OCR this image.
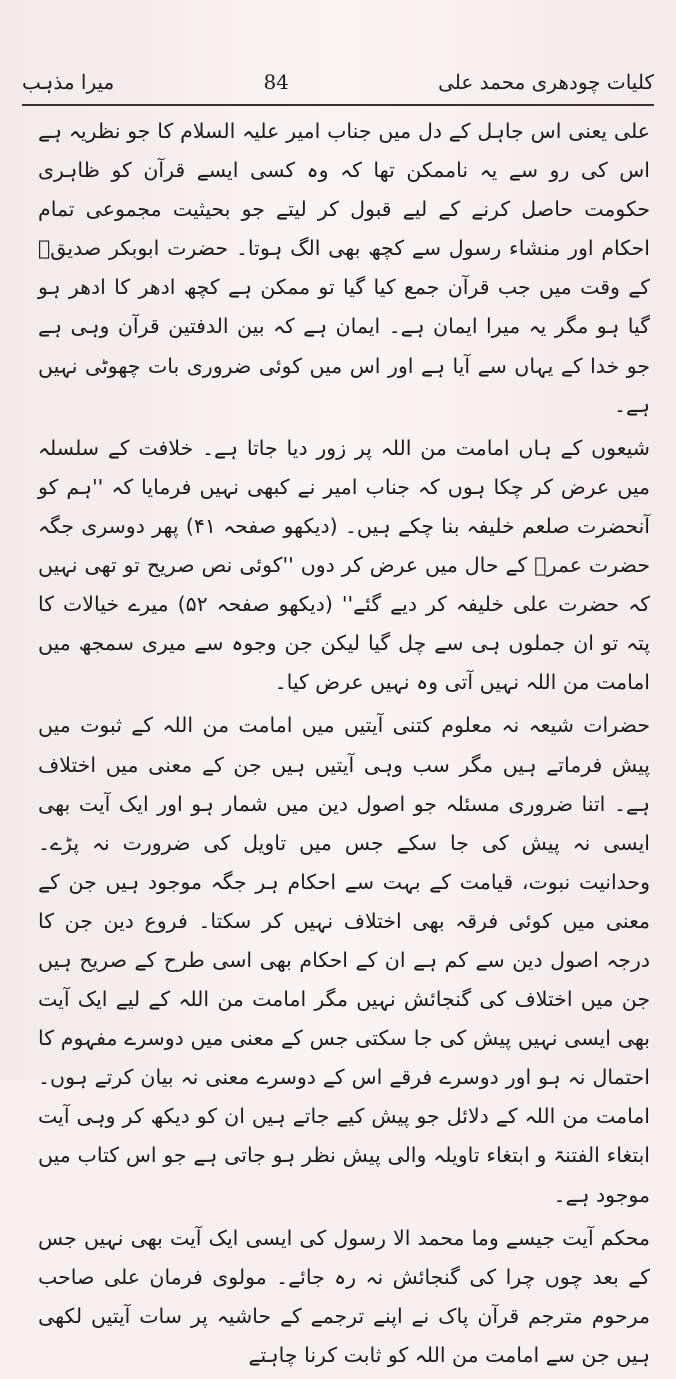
میرا مذہب	84	کلیات چودھری محمد علی

علی یعنی اس جاہل کے دل میں جناب امیر علیہ السلام کا جو نظریہ ہے اس کی رو سے یہ ناممکن تھا کہ وہ کسی ایسے قرآن کو ظاہری حکومت حاصل کرنے کے لیے قبول کر لیتے جو بحیثیت مجموعی تمام احکام اور منشاء رسول سے کچھ بھی الگ ہوتا۔ حضرت ابوبکر صدیقؓ کے وقت میں جب قرآن جمع کیا گیا تو ممکن ہے کچھ ادھر کا ادھر ہو گیا ہو مگر یہ میرا ایمان ہے۔ ایمان ہے کہ بین الدفتین قرآن وہی ہے جو خدا کے یہاں سے آیا ہے اور اس میں کوئی ضروری بات چھوٹی نہیں ہے۔

شیعوں کے ہاں امامت من اللہ پر زور دیا جاتا ہے۔ خلافت کے سلسلہ میں عرض کر چکا ہوں کہ جناب امیر نے کبھی نہیں فرمایا کہ ''ہم کو آنحضرت صلعم خلیفہ بنا چکے ہیں۔ (دیکھو صفحہ ۴۱) پھر دوسری جگہ حضرت عمرؓ کے حال میں عرض کر دوں ''کوئی نص صریح تو تھی نہیں کہ حضرت علی خلیفہ کر دیے گئے'' (دیکھو صفحہ ۵۲) میرے خیالات کا پتہ تو ان جملوں ہی سے چل گیا لیکن جن وجوہ سے میری سمجھ میں امامت من اللہ نہیں آتی وہ نہیں عرض کیا۔

حضرات شیعہ نہ معلوم کتنی آیتیں میں امامت من اللہ کے ثبوت میں پیش فرماتے ہیں مگر سب وہی آیتیں ہیں جن کے معنی میں اختلاف ہے۔ اتنا ضروری مسئلہ جو اصول دین میں شمار ہو اور ایک آیت بھی ایسی نہ پیش کی جا سکے جس میں تاویل کی ضرورت نہ پڑے۔ وحدانیت نبوت، قیامت کے بہت سے احکام ہر جگہ موجود ہیں جن کے معنی میں کوئی فرقہ بھی اختلاف نہیں کر سکتا۔ فروع دین جن کا درجہ اصول دین سے کم ہے ان کے احکام بھی اسی طرح کے صریح ہیں جن میں اختلاف کی گنجائش نہیں مگر امامت من اللہ کے لیے ایک آیت بھی ایسی نہیں پیش کی جا سکتی جس کے معنی میں دوسرے مفہوم کا احتمال نہ ہو اور دوسرے فرقے اس کے دوسرے معنی نہ بیان کرتے ہوں۔ امامت من اللہ کے دلائل جو پیش کیے جاتے ہیں ان کو دیکھ کر وہی آیت ابتغاء الفتنۃ و ابتغاء تاویلہ والی پیش نظر ہو جاتی ہے جو اس کتاب میں موجود ہے۔

محکم آیت جیسے وما محمد الا رسول کی ایسی ایک آیت بھی نہیں جس کے بعد چوں چرا کی گنجائش نہ رہ جائے۔ مولوی فرمان علی صاحب مرحوم مترجم قرآن پاک نے اپنے ترجمے کے حاشیہ پر سات آیتیں لکھی ہیں جن سے امامت من اللہ کو ثابت کرنا چاہتے
